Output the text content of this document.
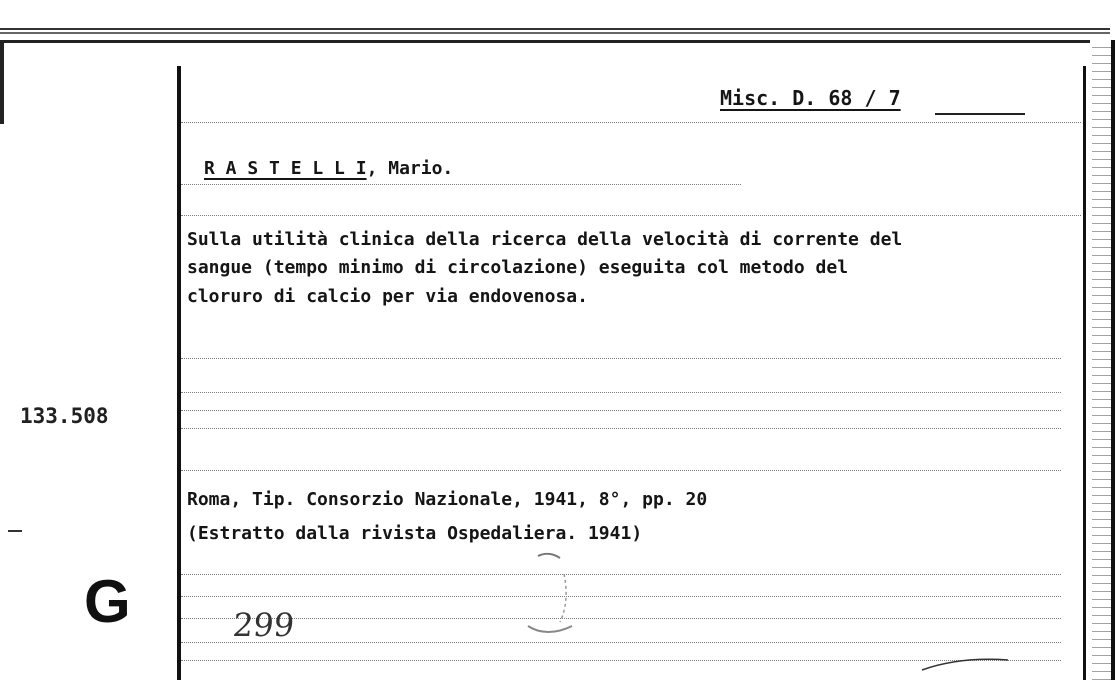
Misc. D. 68 / 7
R A S T E L L I, Mario.
Sulla utilità clinica della ricerca della velocità di corrente del
sangue (tempo minimo di circolazione) eseguita col metodo del
cloruro di calcio per via endovenosa.
Roma, Tip. Consorzio Nazionale, 1941, 8°, pp. 20
(Estratto dalla rivista Ospedaliera. 1941)
133.508
G	299
